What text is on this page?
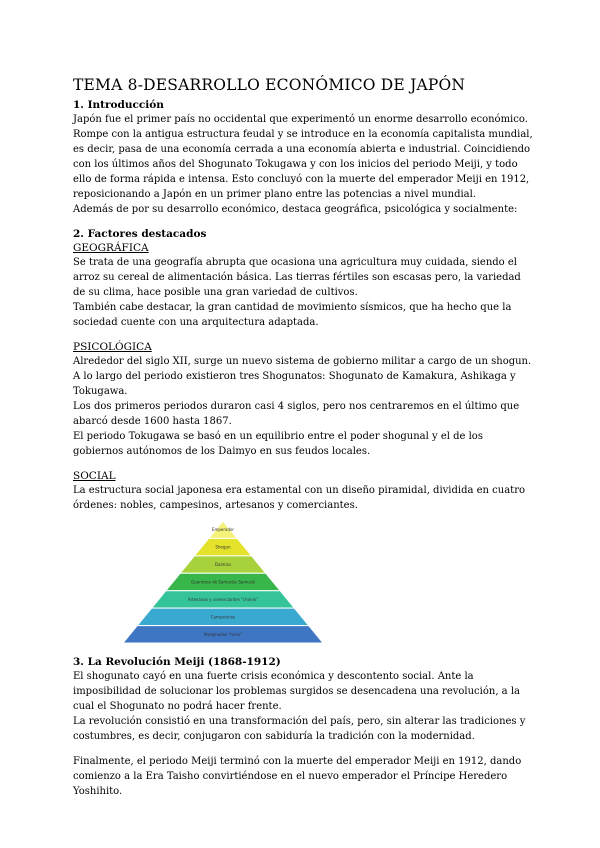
TEMA 8-DESARROLLO ECONÓMICO DE JAPÓN
1. Introducción

Japón fue el primer país no occidental que experimentó un enorme desarrollo económico. Rompe con la antigua estructura feudal y se introduce en la economía capitalista mundial, es decir, pasa de una economía cerrada a una economía abierta e industrial. Coincidiendo con los últimos años del Shogunato Tokugawa y con los inicios del periodo Meiji, y todo ello de forma rápida e intensa. Esto concluyó con la muerte del emperador Meiji en 1912, reposicionando a Japón en un primer plano entre las potencias a nivel mundial.

Además de por su desarrollo económico, destaca geográfica, psicológica y socialmente:

2. Factores destacados
GEOGRÁFICA

Se trata de una geografía abrupta que ocasiona una agricultura muy cuidada, siendo el arroz su cereal de alimentación básica. Las tierras fértiles son escasas pero, la variedad de su clima, hace posible una gran variedad de cultivos.

También cabe destacar, la gran cantidad de movimiento sísmicos, que ha hecho que la sociedad cuente con una arquitectura adaptada.

PSICOLÓGICA

Alrededor del siglo XII, surge un nuevo sistema de gobierno militar a cargo de un shogun. A lo largo del periodo existieron tres Shogunatos: Shogunato de Kamakura, Ashikaga y Tokugawa.

Los dos primeros periodos duraron casi 4 siglos, pero nos centraremos en el último que abarcó desde 1600 hasta 1867.

El periodo Tokugawa se basó en un equilibrio entre el poder shogunal y el de los gobiernos autónomos de los Daimyo en sus feudos locales.

SOCIAL

La estructura social japonesa era estamental con un diseño piramidal, dividida en cuatro órdenes: nobles, campesinos, artesanos y comerciantes.

Emperador
Shogun
Daimios
Guerreros de Samuráis Samurái
Artesanos y comerciantes "chonin"
Campesinos
Marginados "hinin"
3. La Revolución Meiji (1868-1912)

El shogunato cayó en una fuerte crisis económica y descontento social. Ante la imposibilidad de solucionar los problemas surgidos se desencadena una revolución, a la cual el Shogunato no podrá hacer frente.

La revolución consistió en una transformación del país, pero, sin alterar las tradiciones y costumbres, es decir, conjugaron con sabiduría la tradición con la modernidad.

Finalmente, el periodo Meiji terminó con la muerte del emperador Meiji en 1912, dando comienzo a la Era Taisho convirtiéndose en el nuevo emperador el Príncipe Heredero Yoshihito.
